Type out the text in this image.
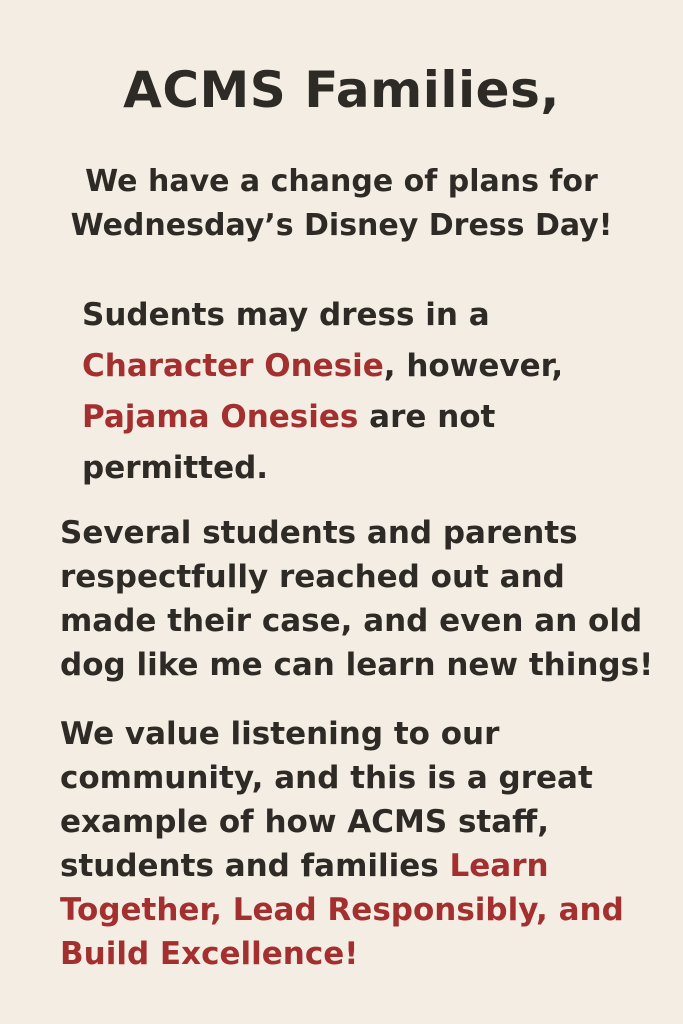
ACMS Families,
We have a change of plans for
Wednesday’s Disney Dress Day!
Sudents may dress in a
Character Onesie, however,
Pajama Onesies are not
permitted.
Several students and parents
respectfully reached out and
made their case, and even an old
dog like me can learn new things!
We value listening to our
community, and this is a great
example of how ACMS staff,
students and families Learn
Together, Lead Responsibly, and
Build Excellence!
